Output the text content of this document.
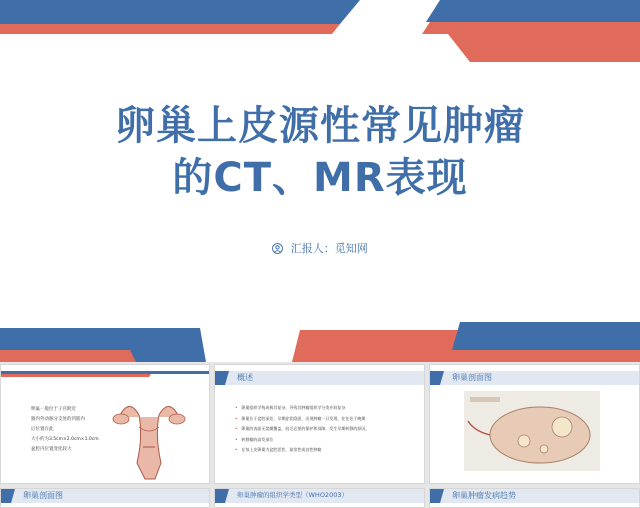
卵巢上皮源性常见肿瘤
的CT、MR表现
汇报人：觅知网
卵巢一般位于子宫附近
髂内外动脉分支处的凹陷内
后位置在此
大小约为3.5cm×2.0cm×1.0cm
盆腔内位置变化较大
概述
• 卵巢组织学构成极其复杂，导致其肿瘤组织学分类亦较复杂
• 卵巢位于盆腔深处，早期症状隐匿，出现肿瘤一旦发现，往往处于晚期
• 卵巢的表面无浆膜覆盖，较乏必要的保护和屏障，发生早期转移的原因，
• 转移瘤的高发部位
• 在每上皮卵巢为盆腔恶性，最常性或良性肿瘤
卵巢剖面图
卵巢剖面图	卵巢肿瘤的组织学类型（WHO2003）	卵巢肿瘤发病趋势
